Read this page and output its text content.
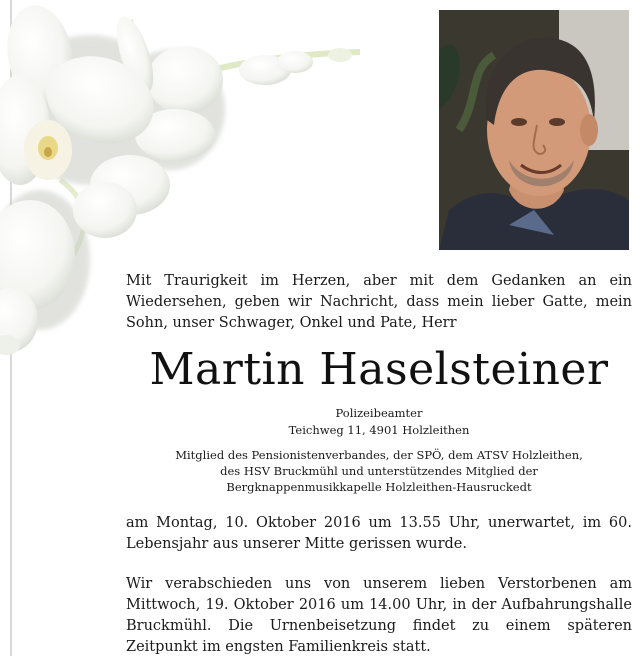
Mit Traurigkeit im Herzen, aber mit dem Gedanken an ein Wiedersehen, geben wir Nachricht, dass mein lieber Gatte, mein Sohn, unser Schwager, Onkel und Pate, Herr

Martin Haselsteiner

Polizeibeamter

Teichweg 11, 4901 Holzleithen

Mitglied des Pensionistenverbandes, der SPÖ, dem ATSV Holzleithen,
des HSV Bruckmühl und unterstützendes Mitglied der
Bergknappenmusikkapelle Holzleithen-Hausruckedt

am Montag, 10. Oktober 2016 um 13.55 Uhr, unerwartet, im 60. Lebensjahr aus unserer Mitte gerissen wurde.

Wir verabschieden uns von unserem lieben Verstorbenen am Mittwoch, 19. Oktober 2016 um 14.00 Uhr, in der Aufbahrungshalle Bruckmühl. Die Urnenbeisetzung findet zu einem späteren Zeitpunkt im engsten Familienkreis statt.
